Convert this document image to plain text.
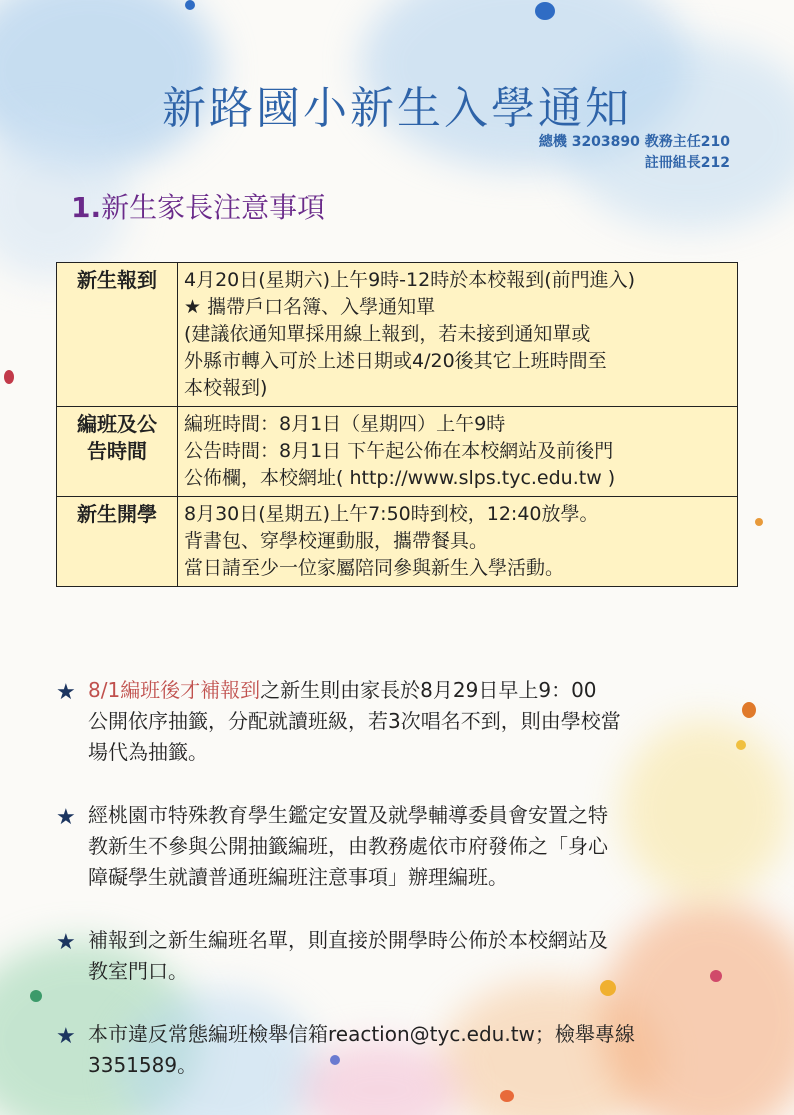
新路國小新生入學通知
總機 3203890 教務主任210
註冊組長212
1.新生家長注意事項
新生報到	4月20日(星期六)上午9時-12時於本校報到(前門進入)
★ 攜帶戶口名簿、入學通知單
(建議依通知單採用線上報到，若未接到通知單或
外縣市轉入可於上述日期或4/20後其它上班時間至
本校報到)

編班及公
告時間	編班時間：8月1日（星期四）上午9時
公告時間：8月1日 下午起公佈在本校網站及前後門
公佈欄，本校網址( http://www.slps.tyc.edu.tw )

新生開學	8月30日(星期五)上午7:50時到校，12:40放學。
背書包、穿學校運動服，攜帶餐具。
當日請至少一位家屬陪同參與新生入學活動。
★ 8/1編班後才補報到之新生則由家長於8月29日早上9：00
公開依序抽籤，分配就讀班級，若3次唱名不到，則由學校當
場代為抽籤。
★ 經桃園市特殊教育學生鑑定安置及就學輔導委員會安置之特
教新生不參與公開抽籤編班，由教務處依市府發佈之「身心
障礙學生就讀普通班編班注意事項」辦理編班。
★ 補報到之新生編班名單，則直接於開學時公佈於本校網站及
教室門口。
★ 本市違反常態編班檢舉信箱reaction@tyc.edu.tw；檢舉專線
3351589。
